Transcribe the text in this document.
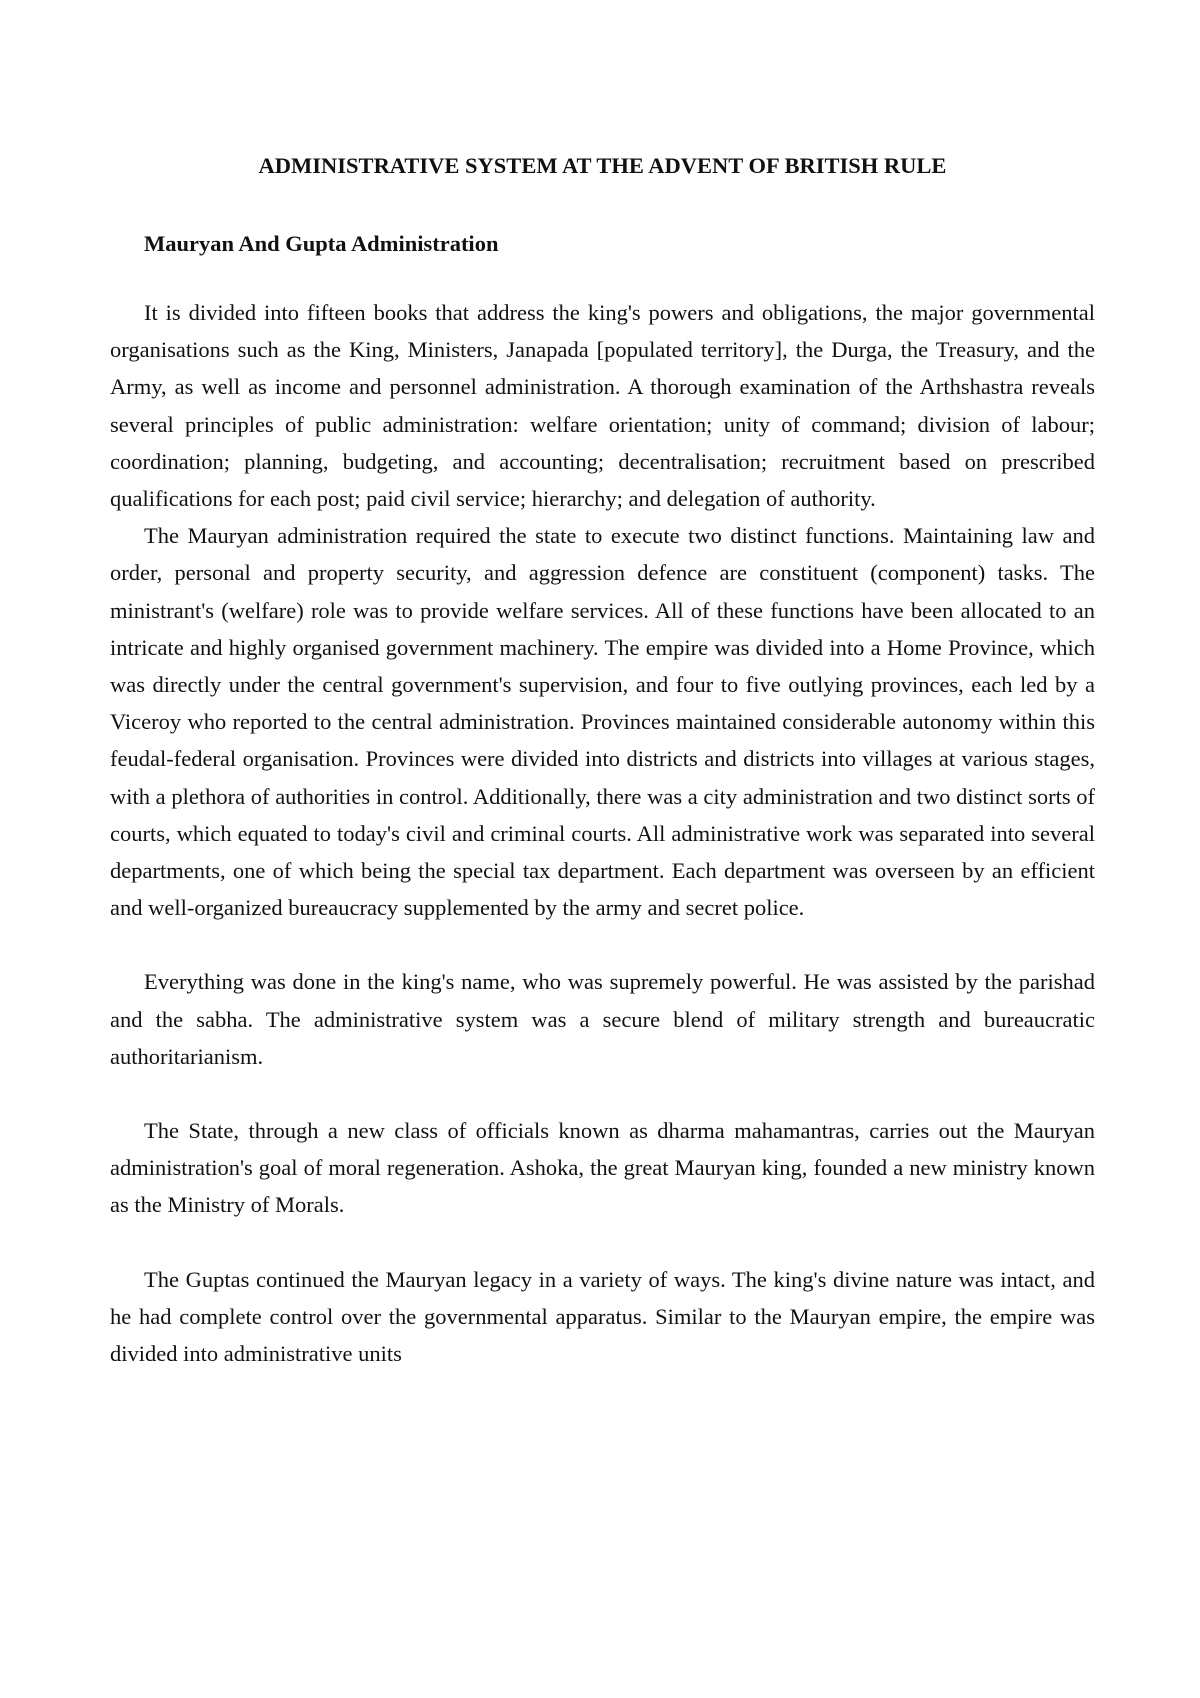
ADMINISTRATIVE SYSTEM AT THE ADVENT OF BRITISH RULE
Mauryan And Gupta Administration

It is divided into fifteen books that address the king's powers and obligations, the major governmental organisations such as the King, Ministers, Janapada [populated territory], the Durga, the Treasury, and the Army, as well as income and personnel administration. A thorough examination of the Arthshastra reveals several principles of public administration: welfare orientation; unity of command; division of labour; coordination; planning, budgeting, and accounting; decentralisation; recruitment based on prescribed qualifications for each post; paid civil service; hierarchy; and delegation of authority.

The Mauryan administration required the state to execute two distinct functions. Maintaining law and order, personal and property security, and aggression defence are constituent (component) tasks. The ministrant's (welfare) role was to provide welfare services. All of these functions have been allocated to an intricate and highly organised government machinery. The empire was divided into a Home Province, which was directly under the central government's supervision, and four to five outlying provinces, each led by a Viceroy who reported to the central administration. Provinces maintained considerable autonomy within this feudal-federal organisation. Provinces were divided into districts and districts into villages at various stages, with a plethora of authorities in control. Additionally, there was a city administration and two distinct sorts of courts, which equated to today's civil and criminal courts. All administrative work was separated into several departments, one of which being the special tax department. Each department was overseen by an efficient and well-organized bureaucracy supplemented by the army and secret police.

Everything was done in the king's name, who was supremely powerful. He was assisted by the parishad and the sabha. The administrative system was a secure blend of military strength and bureaucratic authoritarianism.

The State, through a new class of officials known as dharma mahamantras, carries out the Mauryan administration's goal of moral regeneration. Ashoka, the great Mauryan king, founded a new ministry known as the Ministry of Morals.

The Guptas continued the Mauryan legacy in a variety of ways. The king's divine nature was intact, and he had complete control over the governmental apparatus. Similar to the Mauryan empire, the empire was divided into administrative units
